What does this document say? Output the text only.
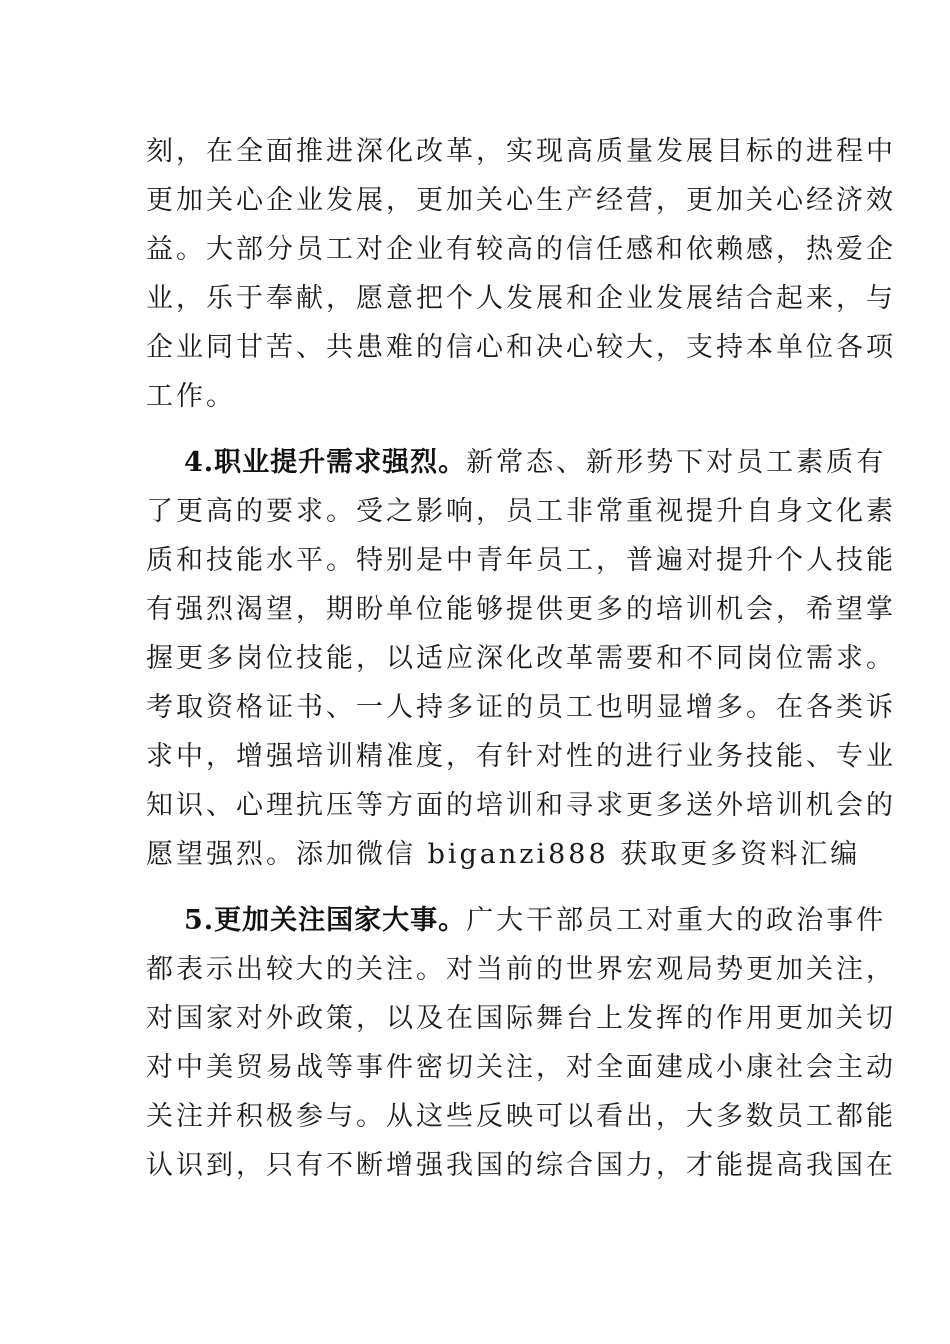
刻，在全面推进深化改革，实现高质量发展目标的进程中
更加关心企业发展，更加关心生产经营，更加关心经济效
益。大部分员工对企业有较高的信任感和依赖感，热爱企
业，乐于奉献，愿意把个人发展和企业发展结合起来，与
企业同甘苦、共患难的信心和决心较大，支持本单位各项
工作。
4.职业提升需求强烈。新常态、新形势下对员工素质有
了更高的要求。受之影响，员工非常重视提升自身文化素
质和技能水平。特别是中青年员工，普遍对提升个人技能
有强烈渴望，期盼单位能够提供更多的培训机会，希望掌
握更多岗位技能，以适应深化改革需要和不同岗位需求。
考取资格证书、一人持多证的员工也明显增多。在各类诉
求中，增强培训精准度，有针对性的进行业务技能、专业
知识、心理抗压等方面的培训和寻求更多送外培训机会的
愿望强烈。添加微信 biganzi888 获取更多资料汇编
5.更加关注国家大事。广大干部员工对重大的政治事件
都表示出较大的关注。对当前的世界宏观局势更加关注，
对国家对外政策，以及在国际舞台上发挥的作用更加关切
对中美贸易战等事件密切关注，对全面建成小康社会主动
关注并积极参与。从这些反映可以看出，大多数员工都能
认识到，只有不断增强我国的综合国力，才能提高我国在
